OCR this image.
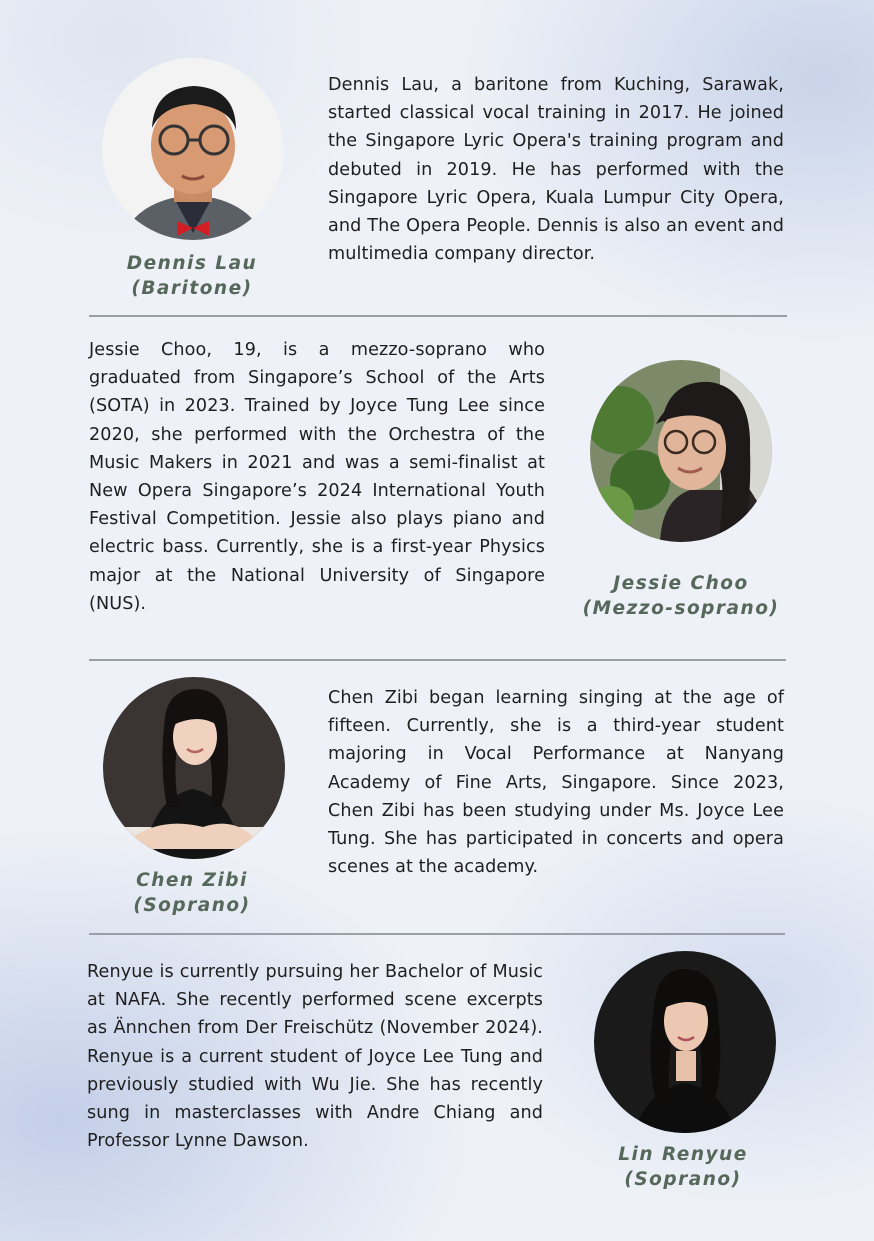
Dennis Lau
(Baritone)
Dennis Lau, a baritone from Kuching, Sarawak, started classical vocal training in 2017. He joined the Singapore Lyric Opera's training program and debuted in 2019. He has performed with the Singapore Lyric Opera, Kuala Lumpur City Opera, and The Opera People. Dennis is also an event and multimedia company director.
Jessie Choo, 19, is a mezzo-soprano who graduated from Singapore’s School of the Arts (SOTA) in 2023. Trained by Joyce Tung Lee since 2020, she performed with the Orchestra of the Music Makers in 2021 and was a semi-finalist at New Opera Singapore’s 2024 International Youth Festival Competition. Jessie also plays piano and electric bass. Currently, she is a first-year Physics major at the National University of Singapore (NUS).
Jessie Choo
(Mezzo-soprano)
Chen Zibi
(Soprano)
Chen Zibi began learning singing at the age of fifteen. Currently, she is a third-year student majoring in Vocal Performance at Nanyang Academy of Fine Arts, Singapore. Since 2023, Chen Zibi has been studying under Ms. Joyce Lee Tung. She has participated in concerts and opera scenes at the academy.
Renyue is currently pursuing her Bachelor of Music at NAFA. She recently performed scene excerpts as Ännchen from Der Freischütz (November 2024). Renyue is a current student of Joyce Lee Tung and previously studied with Wu Jie. She has recently sung in masterclasses with Andre Chiang and Professor Lynne Dawson.
Lin Renyue
(Soprano)
